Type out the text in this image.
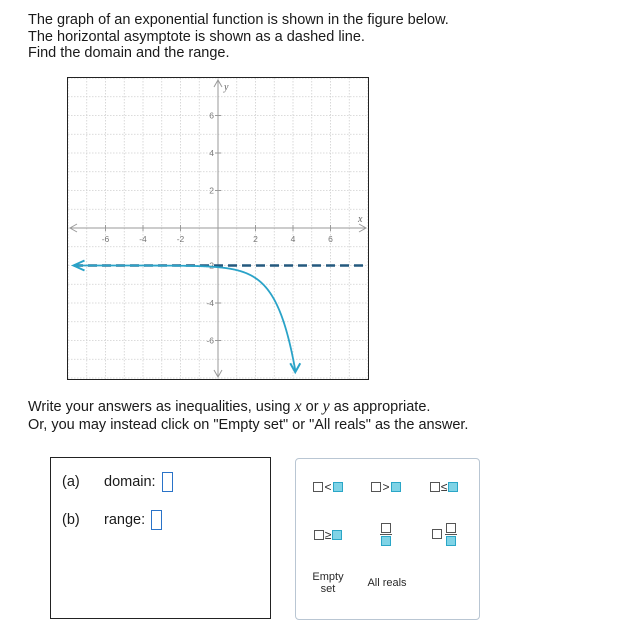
The graph of an exponential function is shown in the figure below.
The horizontal asymptote is shown as a dashed line.
Find the domain and the range.
x
y
-6	-4	-2	2	4	6
6
4
2
-2
-4
-6
Write your answers as inequalities, using x or y as appropriate.
Or, you may instead click on "Empty set" or "All reals" as the answer.
(a)	domain:
(b)	range:
<	>	≤
≥
Empty
set	All reals
